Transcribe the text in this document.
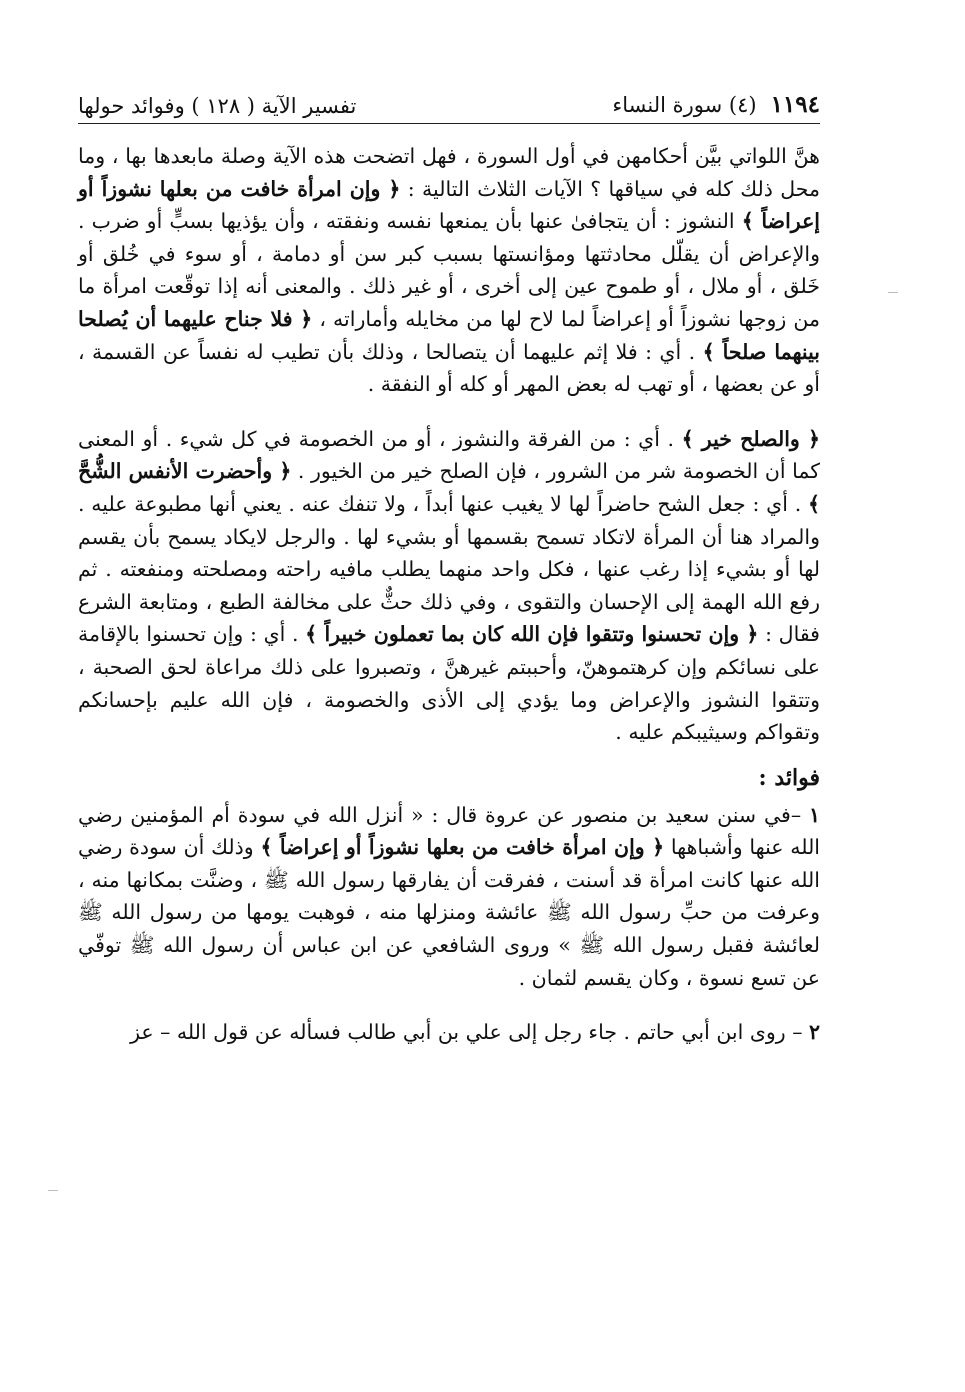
١١٩٤
(٤) سورة النساء
تفسير الآية ( ١٢٨ ) وفوائد حولها

هنَّ اللواتي بيَّن أحكامهن في أول السورة ، فهل اتضحت هذه الآية وصلة مابعدها بها ، وما محل ذلك كله في سياقها ؟ الآيات الثلاث التالية : ﴿ وإن امرأة خافت من بعلها نشوزاً أو إعراضاً ﴾ النشوز : أن يتجافىٰ عنها بأن يمنعها نفسه ونفقته ، وأن يؤذيها بسبٍّ أو ضرب . والإعراض أن يقلّل محادثتها ومؤانستها بسبب كبر سن أو دمامة ، أو سوء في خُلق أو خَلق ، أو ملال ، أو طموح عين إلى أخرى ، أو غير ذلك . والمعنى أنه إذا توقّعت امرأة ما من زوجها نشوزاً أو إعراضاً لما لاح لها من مخايله وأماراته ، ﴿ فلا جناح عليهما أن يُصلحا بينهما صلحاً ﴾ . أي : فلا إثم عليهما أن يتصالحا ، وذلك بأن تطيب له نفساً عن القسمة ، أو عن بعضها ، أو تهب له بعض المهر أو كله أو النفقة .

﴿ والصلح خير ﴾ . أي : من الفرقة والنشوز ، أو من الخصومة في كل شيء . أو المعنى كما أن الخصومة شر من الشرور ، فإن الصلح خير من الخيور . ﴿ وأحضرت الأنفس الشُّحَّ ﴾ . أي : جعل الشح حاضراً لها لا يغيب عنها أبداً ، ولا تنفك عنه . يعني أنها مطبوعة عليه . والمراد هنا أن المرأة لاتكاد تسمح بقسمها أو بشيء لها . والرجل لايكاد يسمح بأن يقسم لها أو بشيء إذا رغب عنها ، فكل واحد منهما يطلب مافيه راحته ومصلحته ومنفعته . ثم رفع الله الهمة إلى الإحسان والتقوى ، وفي ذلك حثٌّ على مخالفة الطبع ، ومتابعة الشرع فقال : ﴿ وإن تحسنوا وتتقوا فإن الله كان بما تعملون خبيراً ﴾ . أي : وإن تحسنوا بالإقامة على نسائكم وإن كرهتموهنّ، وأحببتم غيرهنَّ ، وتصبروا على ذلك مراعاة لحق الصحبة ، وتتقوا النشوز والإعراض وما يؤدي إلى الأذى والخصومة ، فإن الله عليم بإحسانكم وتقواكم وسيثيبكم عليه .

فوائد :

١ –في سنن سعيد بن منصور عن عروة قال : « أنزل الله في سودة أم المؤمنين رضي الله عنها وأشباهها ﴿ وإن امرأة خافت من بعلها نشوزاً أو إعراضاً ﴾ وذلك أن سودة رضي الله عنها كانت امرأة قد أسنت ، ففرقت أن يفارقها رسول الله ﷺ ، وضنَّت بمكانها منه ، وعرفت من حبِّ رسول الله ﷺ عائشة ومنزلها منه ، فوهبت يومها من رسول الله ﷺ لعائشة فقبل رسول الله ﷺ » وروى الشافعي عن ابن عباس أن رسول الله ﷺ توفّي عن تسع نسوة ، وكان يقسم لثمان .

٢ – روى ابن أبي حاتم . جاء رجل إلى علي بن أبي طالب فسأله عن قول الله – عز
